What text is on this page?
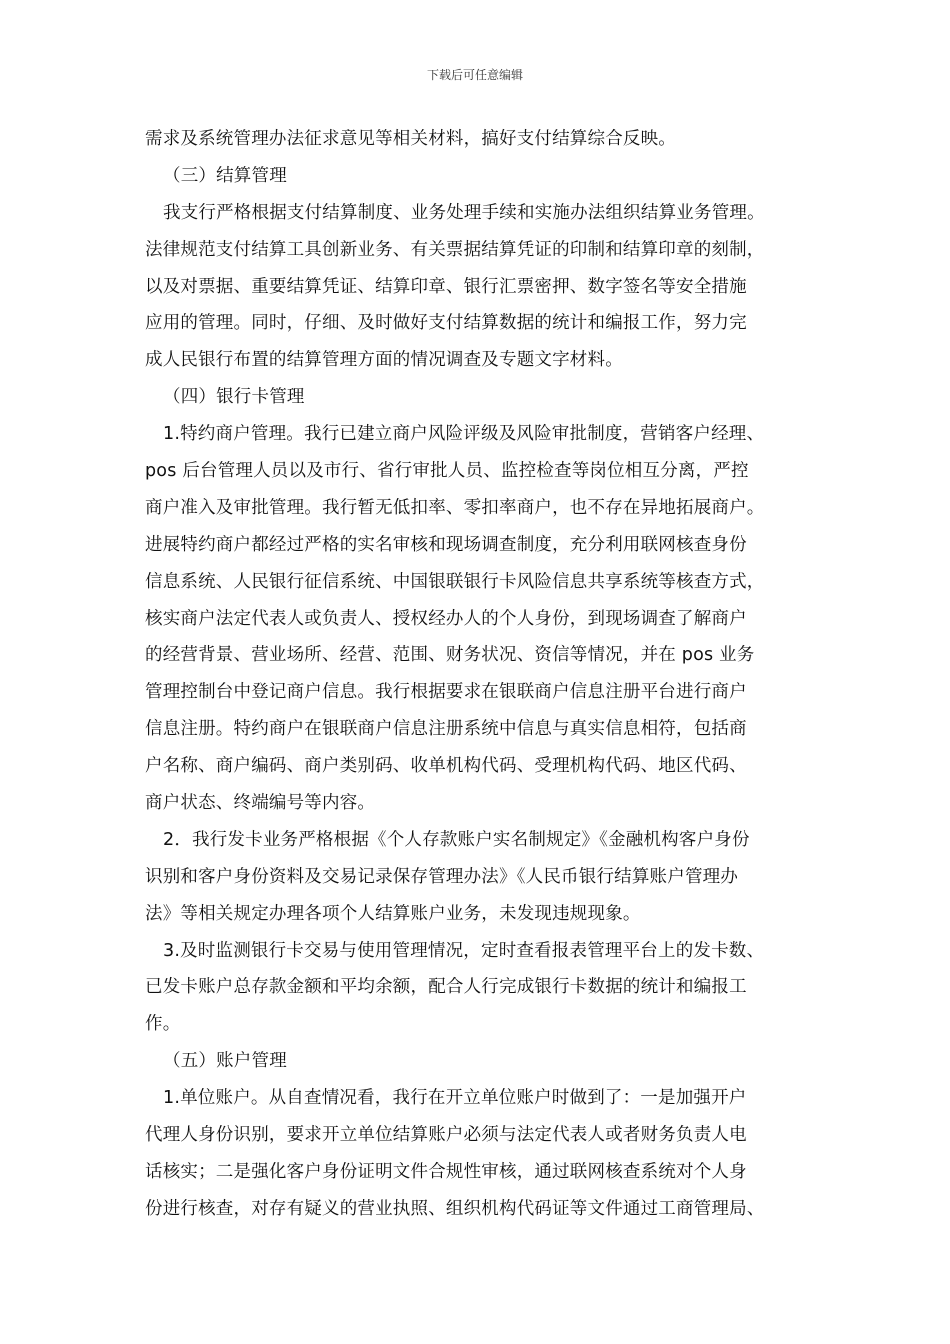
下载后可任意编辑
需求及系统管理办法征求意见等相关材料，搞好支付结算综合反映。
（三）结算管理
我支行严格根据支付结算制度、业务处理手续和实施办法组织结算业务管理。
法律规范支付结算工具创新业务、有关票据结算凭证的印制和结算印章的刻制，
以及对票据、重要结算凭证、结算印章、银行汇票密押、数字签名等安全措施
应用的管理。同时，仔细、及时做好支付结算数据的统计和编报工作，努力完
成人民银行布置的结算管理方面的情况调查及专题文字材料。
（四）银行卡管理
1.特约商户管理。我行已建立商户风险评级及风险审批制度，营销客户经理、
pos 后台管理人员以及市行、省行审批人员、监控检查等岗位相互分离，严控
商户准入及审批管理。我行暂无低扣率、零扣率商户，也不存在异地拓展商户。
进展特约商户都经过严格的实名审核和现场调查制度，充分利用联网核查身份
信息系统、人民银行征信系统、中国银联银行卡风险信息共享系统等核查方式，
核实商户法定代表人或负责人、授权经办人的个人身份，到现场调查了解商户
的经营背景、营业场所、经营、范围、财务状况、资信等情况，并在 pos 业务
管理控制台中登记商户信息。我行根据要求在银联商户信息注册平台进行商户
信息注册。特约商户在银联商户信息注册系统中信息与真实信息相符，包括商
户名称、商户编码、商户类别码、收单机构代码、受理机构代码、地区代码、
商户状态、终端编号等内容。
2．我行发卡业务严格根据《个人存款账户实名制规定》《金融机构客户身份
识别和客户身份资料及交易记录保存管理办法》《人民币银行结算账户管理办
法》等相关规定办理各项个人结算账户业务，未发现违规现象。
3.及时监测银行卡交易与使用管理情况，定时查看报表管理平台上的发卡数、
已发卡账户总存款金额和平均余额，配合人行完成银行卡数据的统计和编报工
作。
（五）账户管理
1.单位账户。从自查情况看，我行在开立单位账户时做到了：一是加强开户
代理人身份识别，要求开立单位结算账户必须与法定代表人或者财务负责人电
话核实；二是强化客户身份证明文件合规性审核，通过联网核查系统对个人身
份进行核查，对存有疑义的营业执照、组织机构代码证等文件通过工商管理局、
